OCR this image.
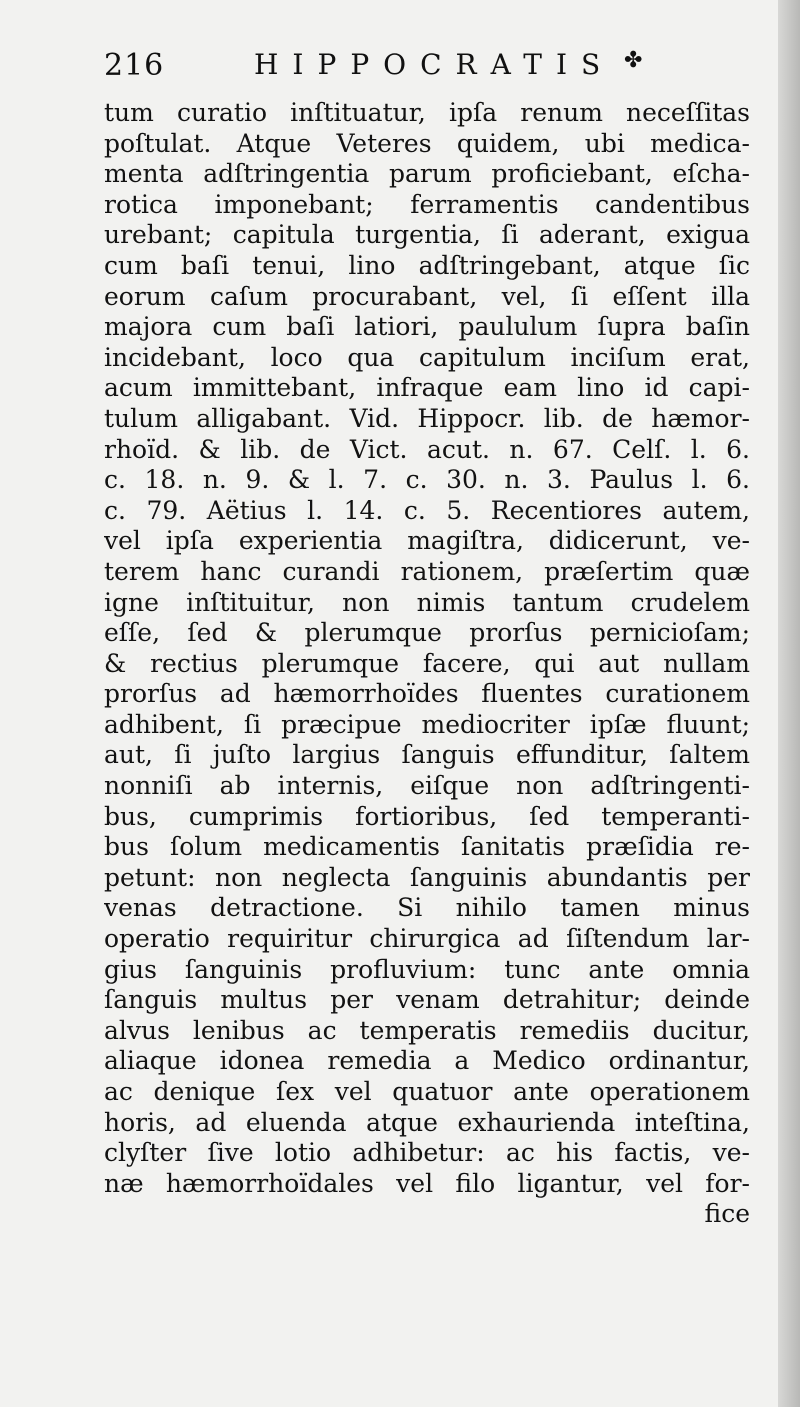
216	HIPPOCRATIS ✤
tum curatio inſtituatur, ipſa renum neceſſitas
poſtulat. Atque Veteres quidem, ubi medica-
menta adſtringentia parum proficiebant, eſcha-
rotica imponebant; ferramentis candentibus
urebant; capitula turgentia, ſi aderant, exigua
cum baſi tenui, lino adſtringebant, atque ſic
eorum caſum procurabant, vel, ſi eſſent illa
majora cum baſi latiori, paululum ſupra baſin
incidebant, loco qua capitulum inciſum erat,
acum immittebant, infraque eam lino id capi-
tulum alligabant. Vid. Hippocr. lib. de hæmor-
rhoïd. & lib. de Vict. acut. n. 67. Celſ. l. 6.
c. 18. n. 9. & l. 7. c. 30. n. 3. Paulus l. 6.
c. 79. Aëtius l. 14. c. 5. Recentiores autem,
vel ipſa experientia magiſtra, didicerunt, ve-
terem hanc curandi rationem, præſertim quæ
igne inſtituitur, non nimis tantum crudelem
eſſe, ſed & plerumque prorſus pernicioſam;
& rectius plerumque facere, qui aut nullam
prorſus ad hæmorrhoïdes fluentes curationem
adhibent, ſi præcipue mediocriter ipſæ fluunt;
aut, ſi juſto largius ſanguis effunditur, ſaltem
nonniſi ab internis, eiſque non adſtringenti-
bus, cumprimis fortioribus, ſed temperanti-
bus ſolum medicamentis ſanitatis præſidia re-
petunt: non neglecta ſanguinis abundantis per
venas detractione. Si nihilo tamen minus
operatio requiritur chirurgica ad ſiſtendum lar-
gius ſanguinis profluvium: tunc ante omnia
ſanguis multus per venam detrahitur; deinde
alvus lenibus ac temperatis remediis ducitur,
aliaque idonea remedia a Medico ordinantur,
ac denique ſex vel quatuor ante operationem
horis, ad eluenda atque exhaurienda inteſtina,
clyſter ſive lotio adhibetur: ac his factis, ve-
næ hæmorrhoïdales vel filo ligantur, vel for-
fice
